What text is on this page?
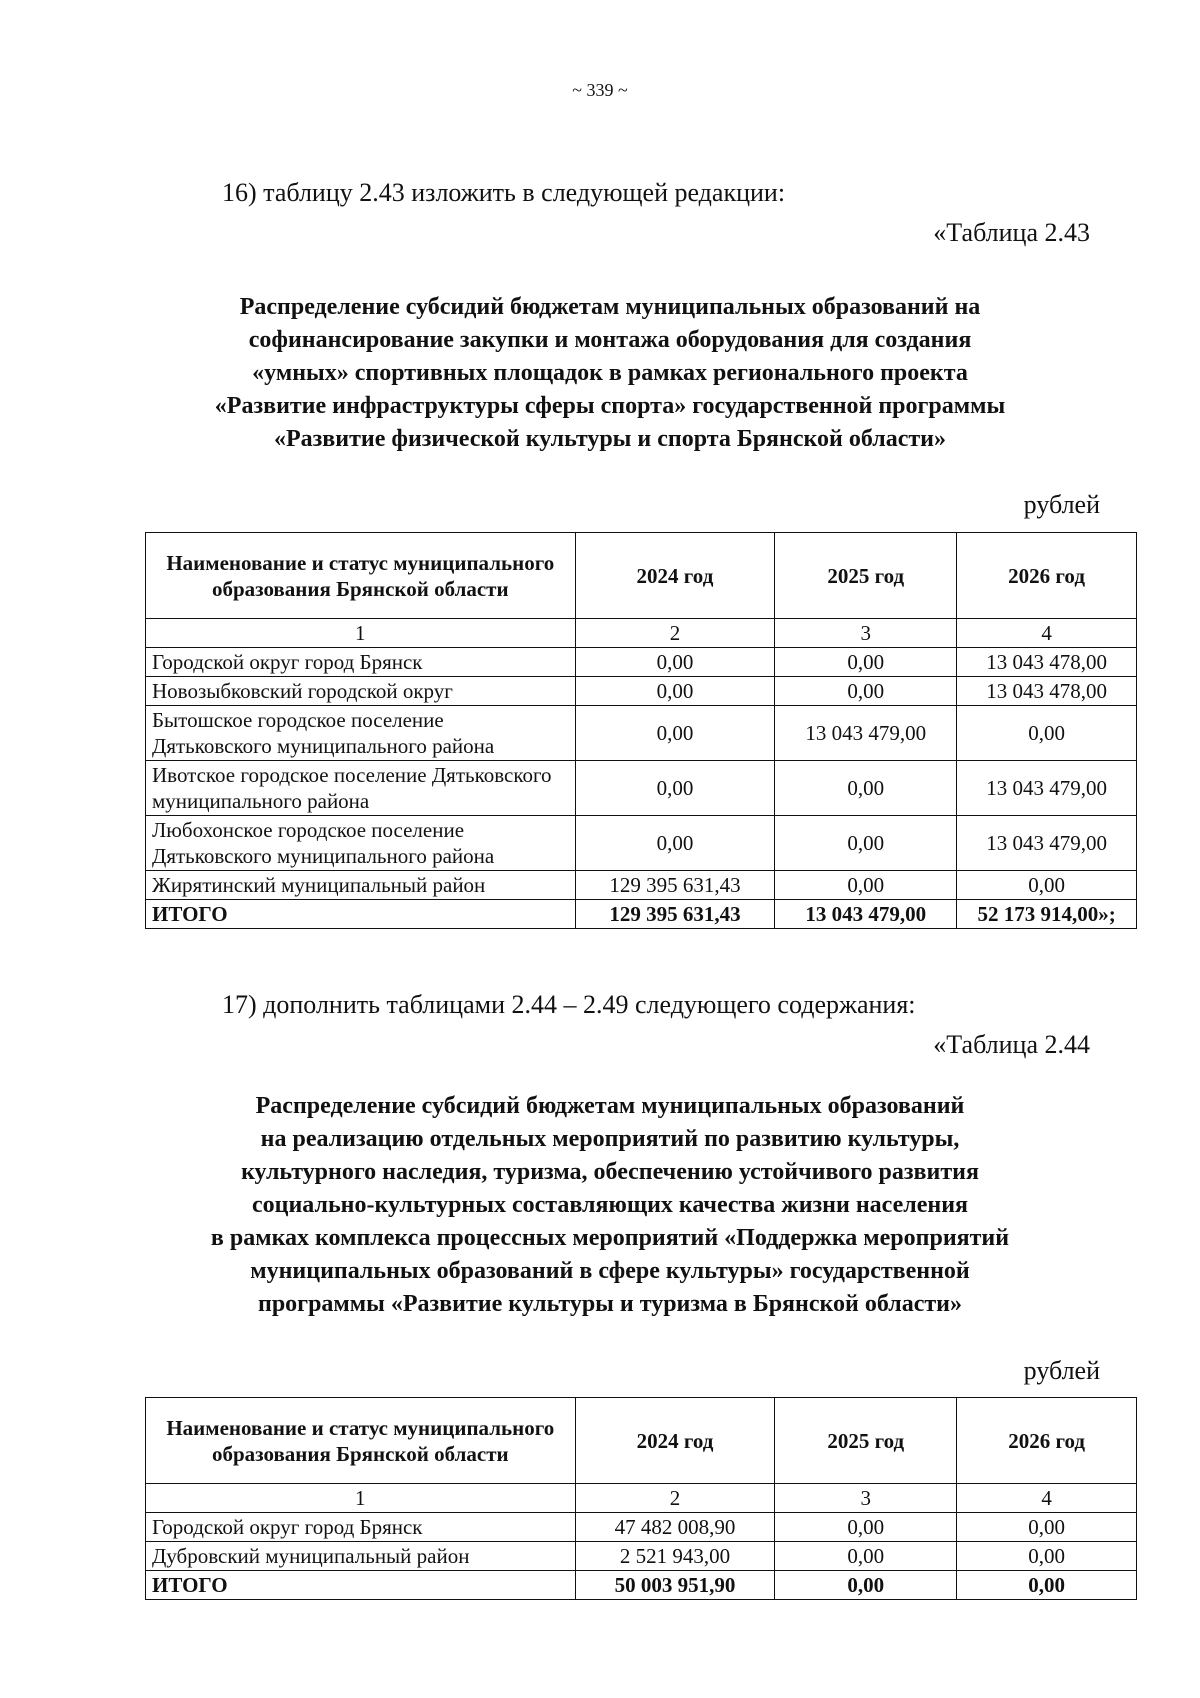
~ 339 ~
16) таблицу 2.43 изложить в следующей редакции:
«Таблица 2.43
Распределение субсидий бюджетам муниципальных образований на
софинансирование закупки и монтажа оборудования для создания
«умных» спортивных площадок в рамках регионального проекта
«Развитие инфраструктуры сферы спорта» государственной программы
«Развитие физической культуры и спорта Брянской области»
рублей
Наименование и статус муниципального образования Брянской области	2024 год	2025 год	2026 год
1	2	3	4
Городской округ город Брянск	0,00	0,00	13 043 478,00
Новозыбковский городской округ	0,00	0,00	13 043 478,00
Бытошское городское поселение Дятьковского муниципального района	0,00	13 043 479,00	0,00
Ивотское городское поселение Дятьковского муниципального района	0,00	0,00	13 043 479,00
Любохонское городское поселение Дятьковского муниципального района	0,00	0,00	13 043 479,00
Жирятинский муниципальный район	129 395 631,43	0,00	0,00
ИТОГО	129 395 631,43	13 043 479,00	52 173 914,00»;
17) дополнить таблицами 2.44 – 2.49 следующего содержания:
«Таблица 2.44
Распределение субсидий бюджетам муниципальных образований
на реализацию отдельных мероприятий по развитию культуры,
культурного наследия, туризма, обеспечению устойчивого развития
социально-культурных составляющих качества жизни населения
в рамках комплекса процессных мероприятий «Поддержка мероприятий
муниципальных образований в сфере культуры» государственной
программы «Развитие культуры и туризма в Брянской области»
рублей
Наименование и статус муниципального образования Брянской области	2024 год	2025 год	2026 год
1	2	3	4
Городской округ город Брянск	47 482 008,90	0,00	0,00
Дубровский муниципальный район	2 521 943,00	0,00	0,00
ИТОГО	50 003 951,90	0,00	0,00
